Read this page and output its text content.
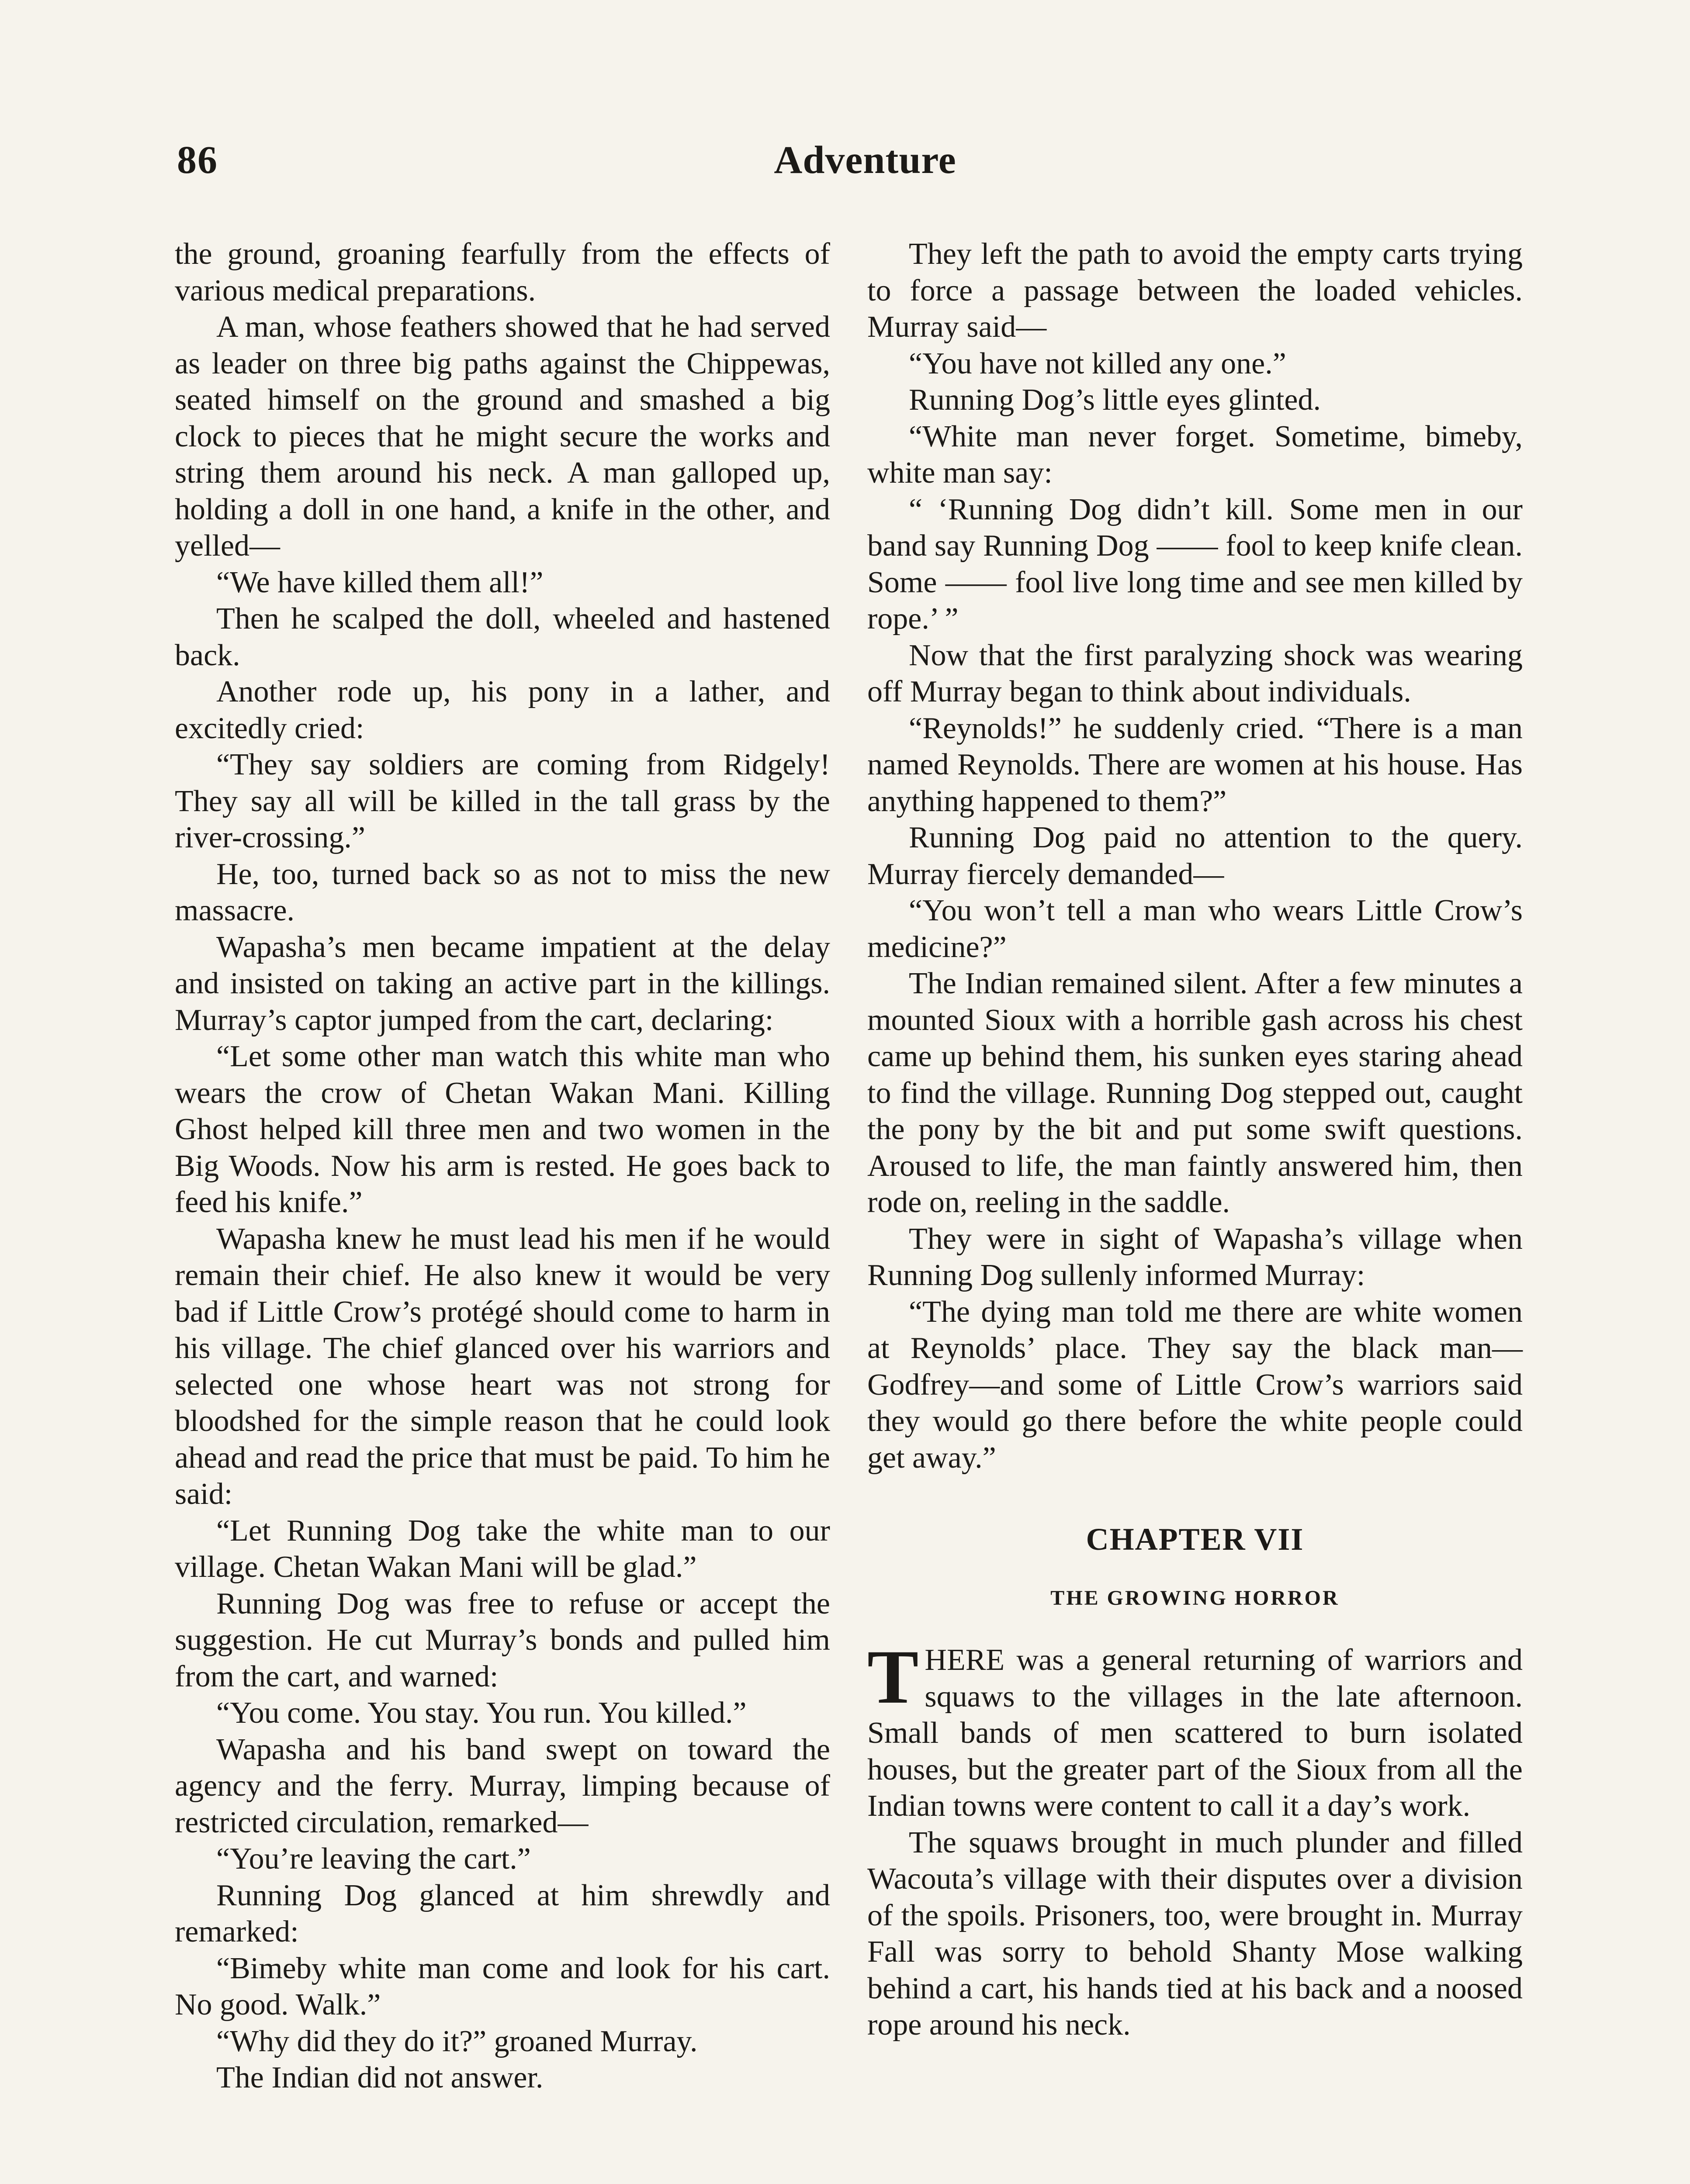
86	Adventure

the ground, groaning fearfully from the effects of various medical preparations.

A man, whose feathers showed that he had served as leader on three big paths against the Chippewas, seated himself on the ground and smashed a big clock to pieces that he might secure the works and string them around his neck. A man galloped up, holding a doll in one hand, a knife in the other, and yelled—

“We have killed them all!”

Then he scalped the doll, wheeled and hastened back.

Another rode up, his pony in a lather, and excitedly cried:

“They say soldiers are coming from Ridgely! They say all will be killed in the tall grass by the river-crossing.”

He, too, turned back so as not to miss the new massacre.

Wapasha’s men became impatient at the delay and insisted on taking an active part in the killings. Murray’s captor jumped from the cart, declaring:

“Let some other man watch this white man who wears the crow of Chetan Wakan Mani. Killing Ghost helped kill three men and two women in the Big Woods. Now his arm is rested. He goes back to feed his knife.”

Wapasha knew he must lead his men if he would remain their chief. He also knew it would be very bad if Little Crow’s protégé should come to harm in his village. The chief glanced over his warriors and selected one whose heart was not strong for bloodshed for the simple reason that he could look ahead and read the price that must be paid. To him he said:

“Let Running Dog take the white man to our village. Chetan Wakan Mani will be glad.”

Running Dog was free to refuse or accept the suggestion. He cut Murray’s bonds and pulled him from the cart, and warned:

“You come. You stay. You run. You killed.”

Wapasha and his band swept on toward the agency and the ferry. Murray, limping because of restricted circulation, remarked—

“You’re leaving the cart.”

Running Dog glanced at him shrewdly and remarked:

“Bimeby white man come and look for his cart. No good. Walk.”

“Why did they do it?” groaned Murray.

The Indian did not answer.

They left the path to avoid the empty carts trying to force a passage between the loaded vehicles. Murray said—

“You have not killed any one.”

Running Dog’s little eyes glinted.

“White man never forget. Sometime, bimeby, white man say:

“ ‘Running Dog didn’t kill. Some men in our band say Running Dog —— fool to keep knife clean. Some —— fool live long time and see men killed by rope.’ ”

Now that the first paralyzing shock was wearing off Murray began to think about individuals.

“Reynolds!” he suddenly cried. “There is a man named Reynolds. There are women at his house. Has anything happened to them?”

Running Dog paid no attention to the query. Murray fiercely demanded—

“You won’t tell a man who wears Little Crow’s medicine?”

The Indian remained silent. After a few minutes a mounted Sioux with a horrible gash across his chest came up behind them, his sunken eyes staring ahead to find the village. Running Dog stepped out, caught the pony by the bit and put some swift questions. Aroused to life, the man faintly answered him, then rode on, reeling in the saddle.

They were in sight of Wapasha’s village when Running Dog sullenly informed Murray:

“The dying man told me there are white women at Reynolds’ place. They say the black man—Godfrey—and some of Little Crow’s warriors said they would go there before the white people could get away.”

CHAPTER VII
THE GROWING HORROR

THERE was a general returning of warriors and squaws to the villages in the late afternoon. Small bands of men scattered to burn isolated houses, but the greater part of the Sioux from all the Indian towns were content to call it a day’s work.

The squaws brought in much plunder and filled Wacouta’s village with their disputes over a division of the spoils. Prisoners, too, were brought in. Murray Fall was sorry to behold Shanty Mose walking behind a cart, his hands tied at his back and a noosed rope around his neck.
